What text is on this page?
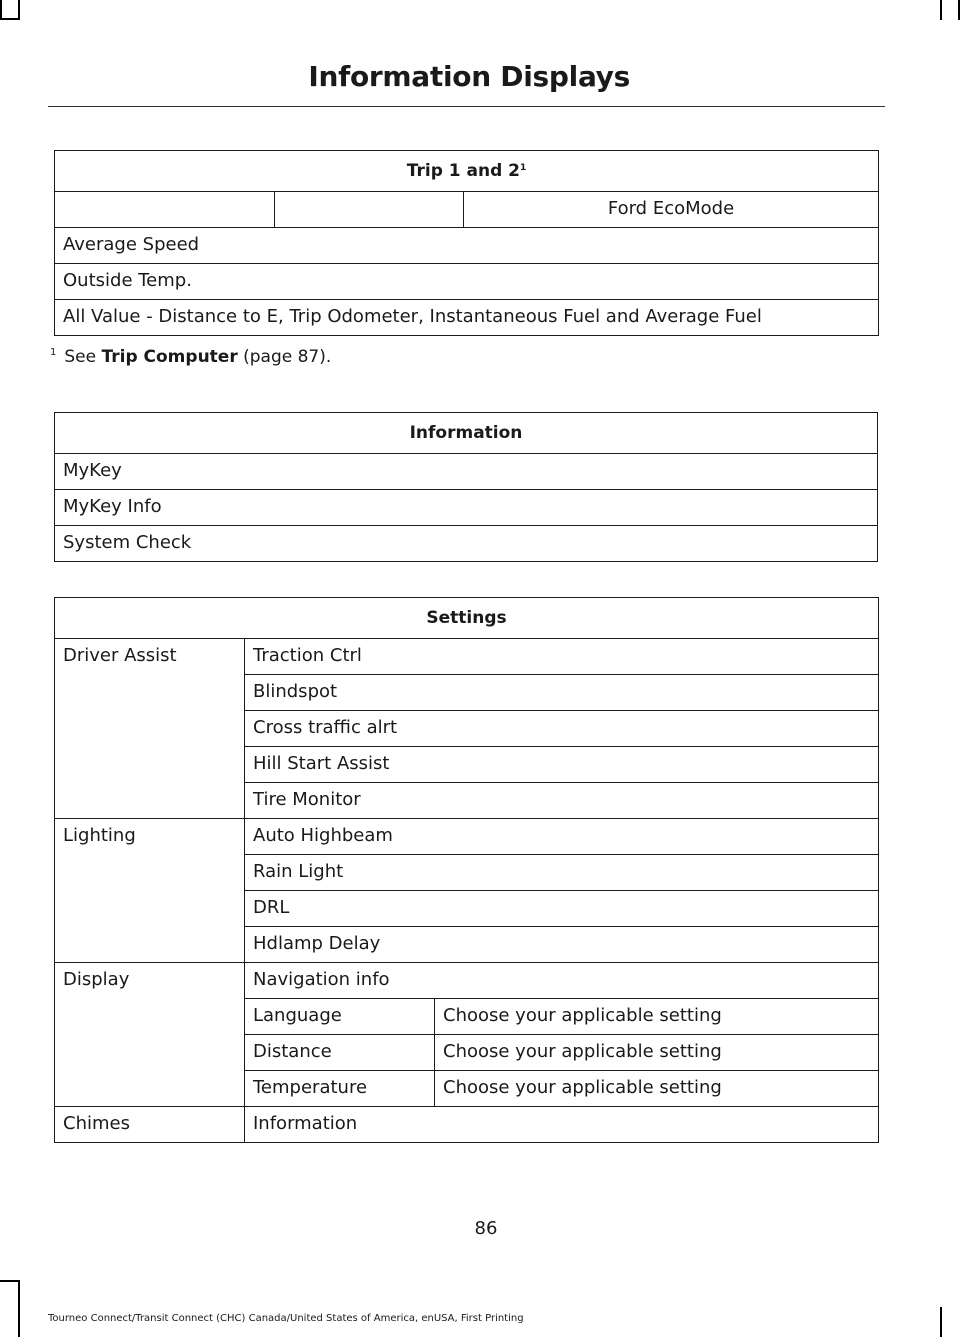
Information Displays
Trip 1 and $2^1$
		Ford EcoMode
Average Speed
Outside Temp.
All Value - Distance to E, Trip Odometer, Instantaneous Fuel and Average Fuel
$^1$ See Trip Computer (page 87).
Information
MyKey
MyKey Info
System Check
Settings		
Driver Assist	Traction Ctrl	
	Blindspot	
	Cross traffic alrt	
	Hill Start Assist	
	Tire Monitor	
Lighting	Auto Highbeam	
	Rain Light	
	DRL	
	Hdlamp Delay	
Display	Navigation info	
	Language	Choose your applicable setting
	Distance	Choose your applicable setting
	Temperature	Choose your applicable setting
Chimes	Information	
86
Tourneo Connect/Transit Connect (CHC) Canada/United States of America, enUSA, First Printing
